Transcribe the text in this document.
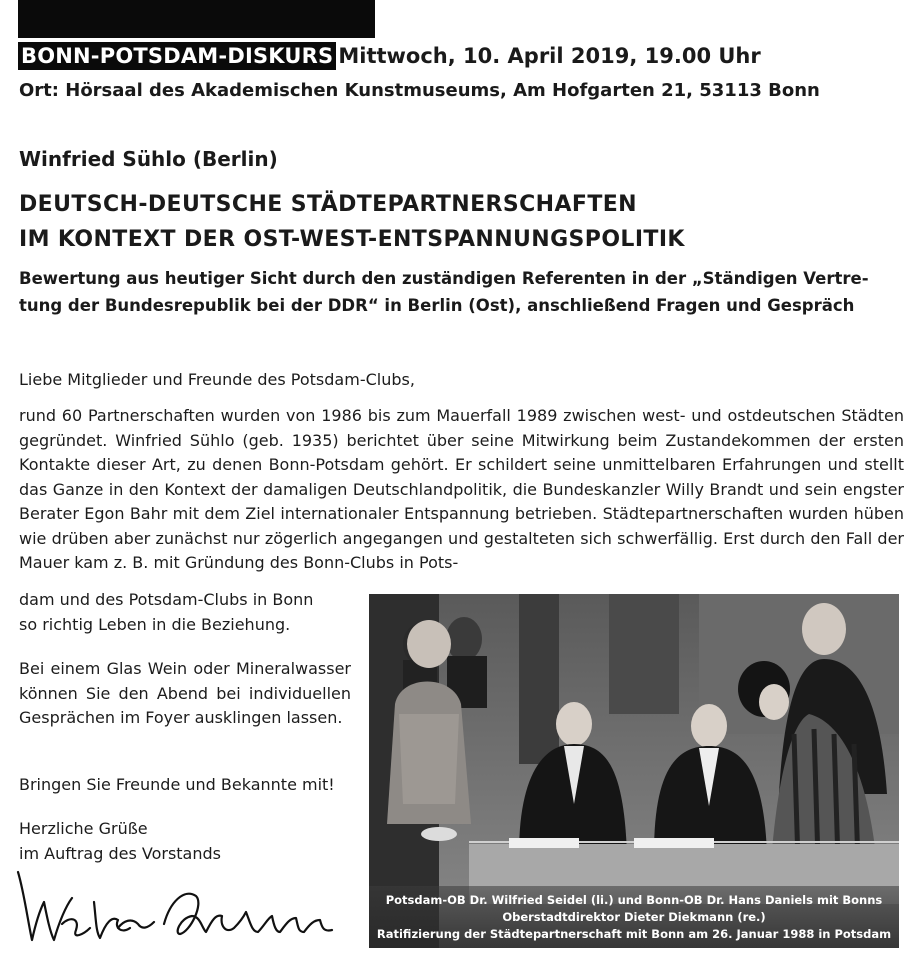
BONN-POTSDAM-DISKURS Mittwoch, 10. April 2019, 19.00 Uhr
Ort: Hörsaal des Akademischen Kunstmuseums, Am Hofgarten 21, 53113 Bonn
Winfried Sühlo (Berlin)
DEUTSCH-DEUTSCHE STÄDTEPARTNERSCHAFTEN
IM KONTEXT DER OST-WEST-ENTSPANNUNGSPOLITIK
Bewertung aus heutiger Sicht durch den zuständigen Referenten in der „Ständigen Vertre-
tung der Bundesrepublik bei der DDR“ in Berlin (Ost), anschließend Fragen und Gespräch
Liebe Mitglieder und Freunde des Potsdam-Clubs,
rund 60 Partnerschaften wurden von 1986 bis zum Mauerfall 1989 zwischen west- und ostdeutschen Städten gegründet. Winfried Sühlo (geb. 1935) berichtet über seine Mitwirkung beim Zustandekommen der ersten Kontakte dieser Art, zu denen Bonn-Potsdam gehört. Er schildert seine unmittelbaren Erfahrungen und stellt das Ganze in den Kontext der damaligen Deutschlandpolitik, die Bundeskanzler Willy Brandt und sein engster Berater Egon Bahr mit dem Ziel internationaler Entspannung betrieben. Städtepartnerschaften wurden hüben wie drüben aber zunächst nur zögerlich angegangen und gestalteten sich schwerfällig. Erst durch den Fall der Mauer kam z. B. mit Gründung des Bonn-Clubs in Pots-
dam und des Potsdam-Clubs in Bonn
so richtig Leben in die Beziehung.
Bei einem Glas Wein oder Mineralwasser können Sie den Abend bei individuellen Gesprächen im Foyer ausklingen lassen.
Bringen Sie Freunde und Bekannte mit!
Herzliche Grüße
im Auftrag des Vorstands
Potsdam-OB Dr. Wilfried Seidel (li.) und Bonn-OB Dr. Hans Daniels mit Bonns
Oberstadtdirektor Dieter Diekmann (re.)
Ratifizierung der Städtepartnerschaft mit Bonn am 26. Januar 1988 in Potsdam
